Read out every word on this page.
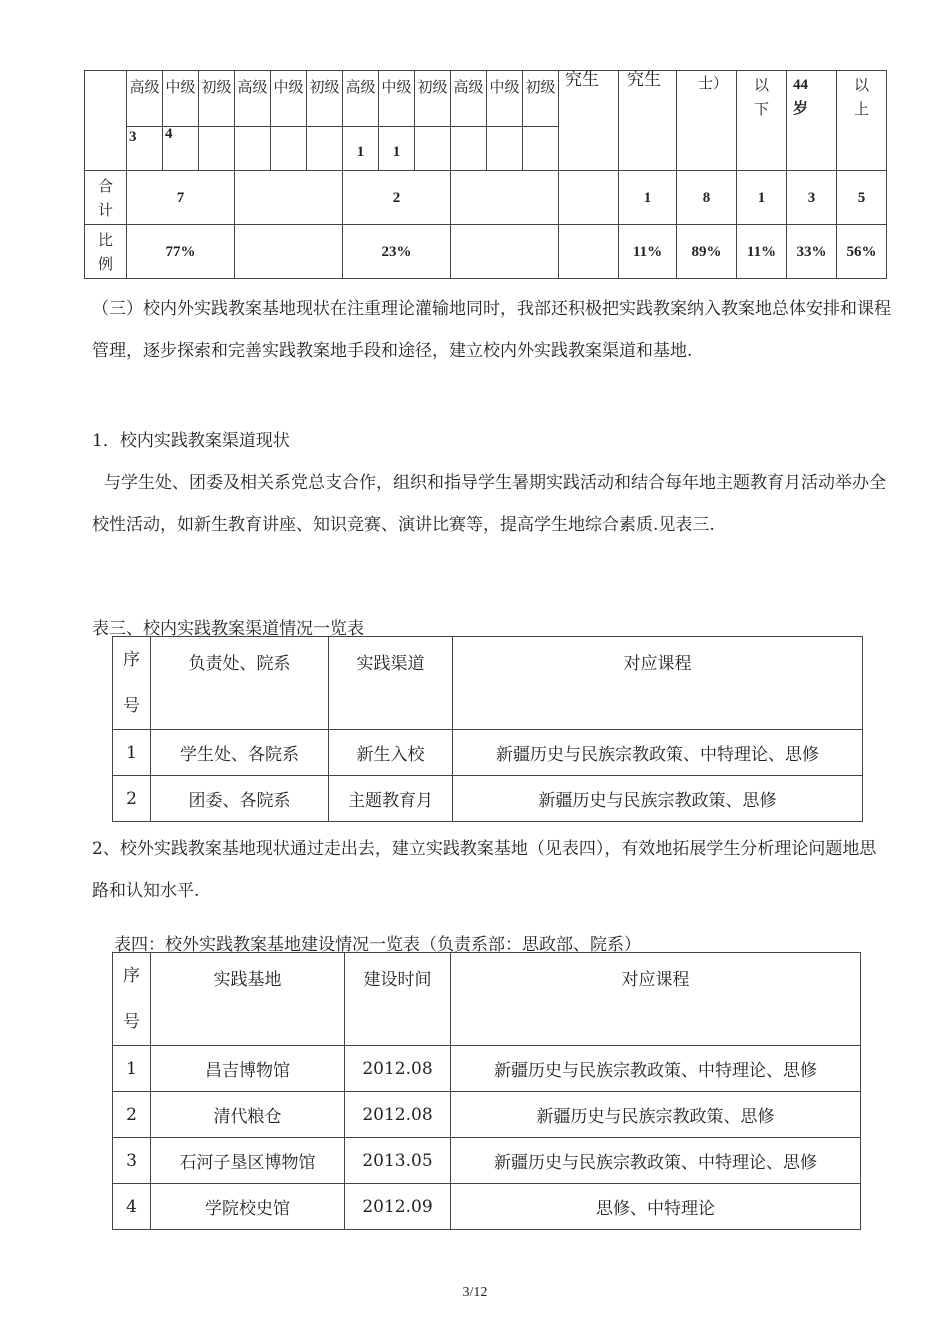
	高级	中级	初级	高级	中级	初级	高级	中级	初级	高级	中级	初级	究生	究生	士）	以下	44岁	以上
	3	4					1	1										
合计	7						2							1	8	1	3	5
比例	77%						23%							11%	89%	11%	33%	56%

（三）校内外实践教案基地现状在注重理论灌输地同时，我部还积极把实践教案纳入教案地总体安排和课程管理，逐步探索和完善实践教案地手段和途径，建立校内外实践教案渠道和基地.

1．校内实践教案渠道现状

与学生处、团委及相关系党总支合作，组织和指导学生暑期实践活动和结合每年地主题教育月活动举办全校性活动，如新生教育讲座、知识竞赛、演讲比赛等，提高学生地综合素质.见表三.

表三、校内实践教案渠道情况一览表
序号	负责处、院系	实践渠道	对应课程
1	学生处、各院系	新生入校	新疆历史与民族宗教政策、中特理论、思修
2	团委、各院系	主题教育月	新疆历史与民族宗教政策、思修

2、校外实践教案基地现状通过走出去，建立实践教案基地（见表四），有效地拓展学生分析理论问题地思路和认知水平.

表四：校外实践教案基地建设情况一览表（负责系部：思政部、院系）
序号	实践基地	建设时间	对应课程
1	昌吉博物馆	2012.08	新疆历史与民族宗教政策、中特理论、思修
2	清代粮仓	2012.08	新疆历史与民族宗教政策、思修
3	石河子垦区博物馆	2013.05	新疆历史与民族宗教政策、中特理论、思修
4	学院校史馆	2012.09	思修、中特理论
3/12
